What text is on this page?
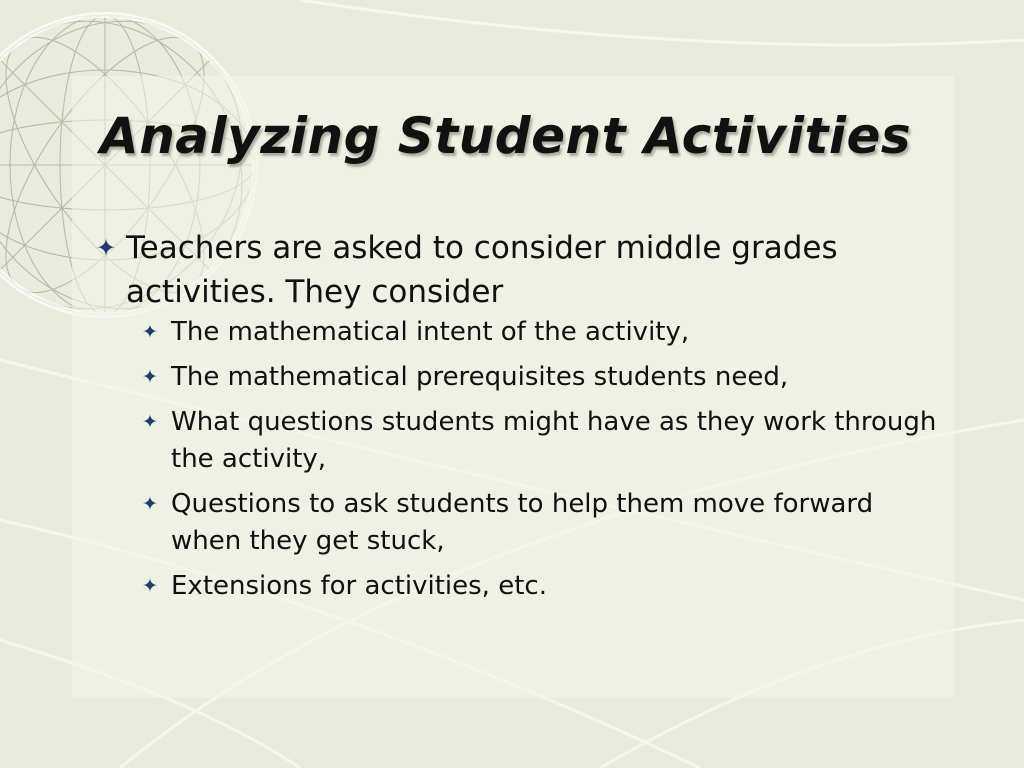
Analyzing Student Activities
✦ Teachers are asked to consider middle grades activities. They consider
✦ The mathematical intent of the activity,
✦ The mathematical prerequisites students need,
✦ What questions students might have as they work through the activity,
✦ Questions to ask students to help them move forward when they get stuck,
✦ Extensions for activities, etc.
